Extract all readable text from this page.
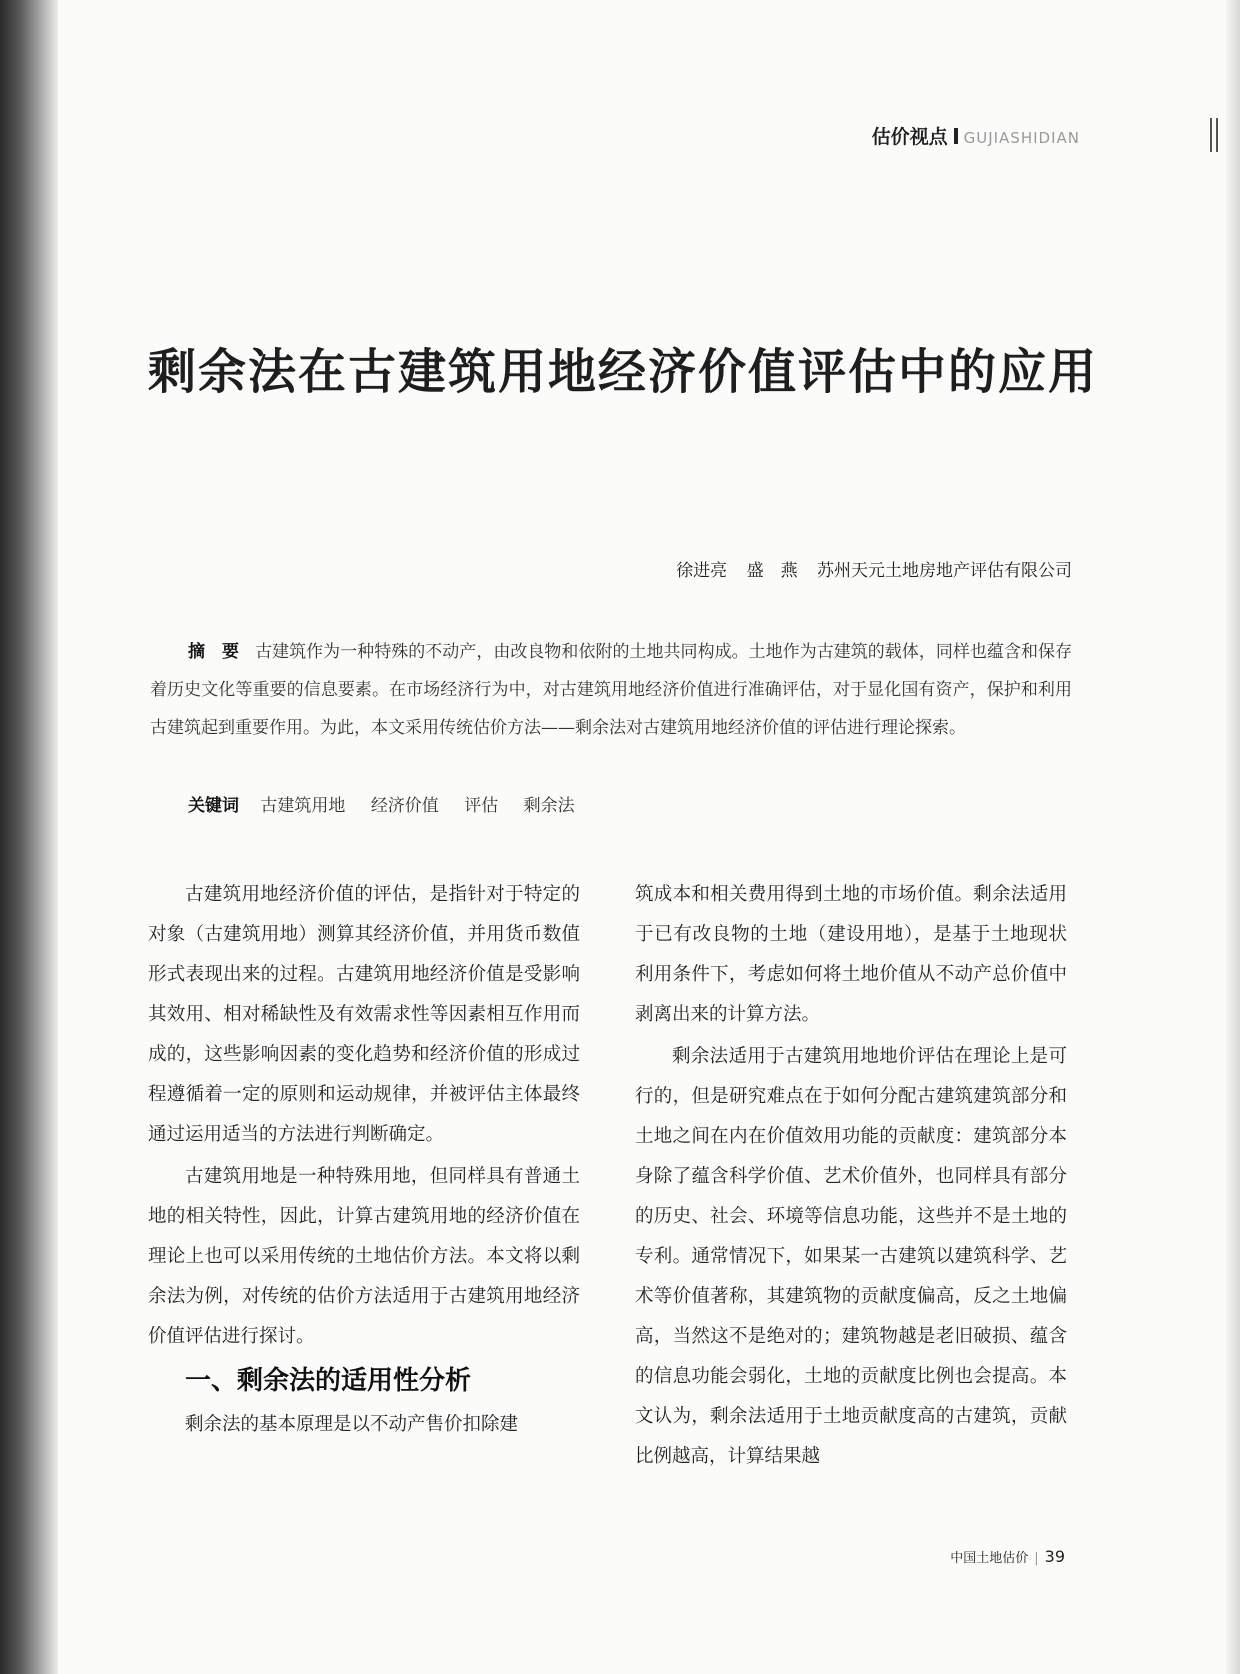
估价视点 GUJIASHIDIAN
剩余法在古建筑用地经济价值评估中的应用
徐进亮 盛　燕 苏州天元土地房地产评估有限公司

摘　要 古建筑作为一种特殊的不动产，由改良物和依附的土地共同构成。土地作为古建筑的载体，同样也蕴含和保存着历史文化等重要的信息要素。在市场经济行为中，对古建筑用地经济价值进行准确评估，对于显化国有资产，保护和利用古建筑起到重要作用。为此，本文采用传统估价方法——剩余法对古建筑用地经济价值的评估进行理论探索。

关键词 古建筑用地 经济价值 评估 剩余法

古建筑用地经济价值的评估，是指针对于特定的对象（古建筑用地）测算其经济价值，并用货币数值形式表现出来的过程。古建筑用地经济价值是受影响其效用、相对稀缺性及有效需求性等因素相互作用而成的，这些影响因素的变化趋势和经济价值的形成过程遵循着一定的原则和运动规律，并被评估主体最终通过运用适当的方法进行判断确定。

古建筑用地是一种特殊用地，但同样具有普通土地的相关特性，因此，计算古建筑用地的经济价值在理论上也可以采用传统的土地估价方法。本文将以剩余法为例，对传统的估价方法适用于古建筑用地经济价值评估进行探讨。

一、剩余法的适用性分析

剩余法的基本原理是以不动产售价扣除建

筑成本和相关费用得到土地的市场价值。剩余法适用于已有改良物的土地（建设用地），是基于土地现状利用条件下，考虑如何将土地价值从不动产总价值中剥离出来的计算方法。

剩余法适用于古建筑用地地价评估在理论上是可行的，但是研究难点在于如何分配古建筑建筑部分和土地之间在内在价值效用功能的贡献度：建筑部分本身除了蕴含科学价值、艺术价值外，也同样具有部分的历史、社会、环境等信息功能，这些并不是土地的专利。通常情况下，如果某一古建筑以建筑科学、艺术等价值著称，其建筑物的贡献度偏高，反之土地偏高，当然这不是绝对的；建筑物越是老旧破损、蕴含的信息功能会弱化，土地的贡献度比例也会提高。本文认为，剩余法适用于土地贡献度高的古建筑，贡献比例越高，计算结果越

中国土地估价 | 39
